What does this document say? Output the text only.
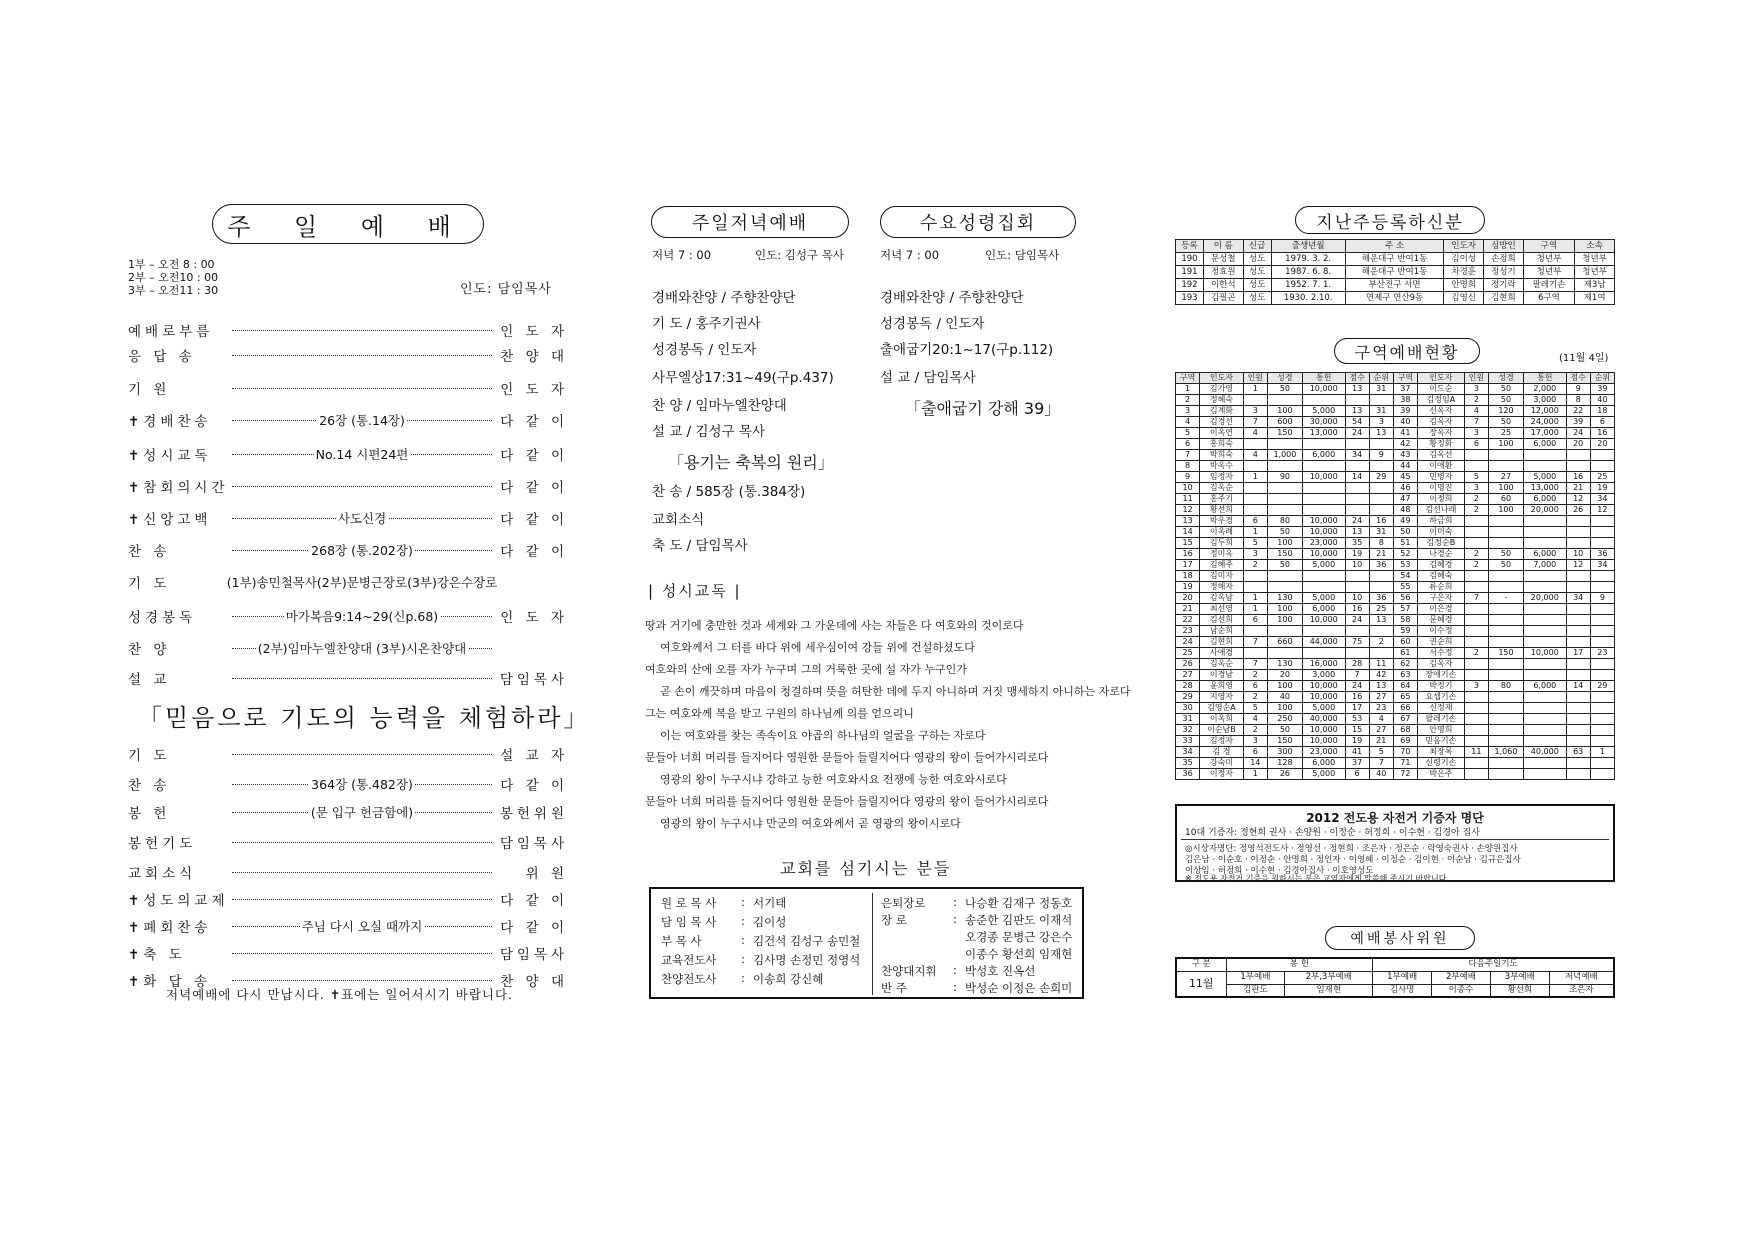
주 일 예 배
1부 – 오전 8 : 00
2부 – 오전10 : 00
3부 – 오전11 : 30	인도: 담임목사
예배로부름	인 도 자
응 답 송	찬 양 대
기 원	인 도 자
✝경배찬송	26장 (통.14장)	다 같 이
✝성시교독	No.14 시편24편	다 같 이
✝참회의시간	다 같 이
✝신앙고백	사도신경	다 같 이
찬 송	268장 (통.202장)	다 같 이
기 도	(1부)송민철목사(2부)문병근장로(3부)강은수장로
성경봉독	마가복음9:14~29(신p.68)	인 도 자
찬 양	(2부)임마누엘찬양대 (3부)시온찬양대
설 교	담임목사
「믿음으로 기도의 능력을 체험하라」
기 도	설 교 자
찬 송	364장 (통.482장)	다 같 이
봉 헌	(문 입구 헌금함에)	봉헌위원
봉헌기도	담임목사
교회소식	위 원
✝성도의교제	다 같 이
✝폐회찬송	주님 다시 오실 때까지	다 같 이
✝축 도	담임목사
✝화 답 송	찬 양 대
저녁예배에 다시 만납시다. ✝표에는 일어서시기 바랍니다.
주일저녁예배	수요성령집회
저녁 7 : 00	인도: 김성구 목사	저녁 7 : 00	인도: 담임목사
경배와찬양 / 주향찬양단
기 도 / 홍주기권사
성경봉독 / 인도자
사무엘상17:31~49(구p.437)
찬 양 / 임마누엘찬양대
설 교 / 김성구 목사
「용기는 축복의 원리」
찬 송 / 585장 (통.384장)
교회소식
축 도 / 담임목사
경배와찬양 / 주향찬양단
성경봉독 / 인도자
출애굽기20:1~17(구p.112)
설 교 / 담임목사
「출애굽기 강해 39」
| 성시교독 |
땅과 거기에 충만한 것과 세계와 그 가운데에 사는 자들은 다 여호와의 것이로다
여호와께서 그 터를 바다 위에 세우심이여 강들 위에 건설하셨도다
여호와의 산에 오를 자가 누구며 그의 거룩한 곳에 설 자가 누구인가
곧 손이 깨끗하며 마음이 청결하며 뜻을 허탄한 데에 두지 아니하며 거짓 맹세하지 아니하는 자로다
그는 여호와께 복을 받고 구원의 하나님께 의를 얻으리니
이는 여호와를 찾는 족속이요 야곱의 하나님의 얼굴을 구하는 자로다
문들아 너희 머리를 들지어다 영원한 문들아 들릴지어다 영광의 왕이 들어가시리로다
영광의 왕이 누구시냐 강하고 능한 여호와시요 전쟁에 능한 여호와시로다
문들아 너희 머리를 들지어다 영원한 문들아 들릴지어다 영광의 왕이 들어가시리로다
영광의 왕이 누구시냐 만군의 여호와께서 곧 영광의 왕이시로다
교회를 섬기시는 분들
원 로 목 사	: 서기태
담 임 목 사	: 김이성
부 목 사	: 김건석 김성구 송민철
교육전도사	: 김사명 손정민 정영석
찬양전도사	: 이송희 강신혜
은퇴장로	: 나승환 김재구 정동호
장 로	: 송준한 김판도 이재석
오경종 문병근 강은수
이종수 황선희 임재현
찬양대지휘	: 박성호 진옥선
반 주	: 박성순 이정은 손희미
지난주등록하신분
등록	이 름	신급	출생년월	주 소	인도자	심방인	구역	소속
190	문성철	성도	1979. 3. 2.	해운대구 반여1동	김이성	손정희	청년부	청년부
191	정효원	성도	1987. 6. 8.	해운대구 반여1동	차경훈	정성기	청년부	청년부
192	이한석	성도	1952. 7. 1.	부산진구 서면	안명희	정기락	팔레기손	제3남
193	김필곤	성도	1930. 2.10.	연제구 연산9동	김영신	김현희	6구역	제1여
구역예배현황	(11월 4일)
구역	인도자	인원	성경	통헌	점수	순위	구역	인도자	인원	성경	통헌	점수	순위
1	김가영	1	50	10,000	13	31	37	이드순	3	50	2,000	9	39
2	정혜숙						38	김정임A	2	50	3,000	8	40
3	김계화	3	100	5,000	13	31	39	신옥자	4	120	12,000	22	18
4	김경선	7	600	30,000	54	3	40	김옥자	7	50	24,000	39	6
5	이옥연	4	150	13,000	24	13	41	장옥자	3	25	17,000	24	16
6	홍희숙						42	황정화	6	100	6,000	20	20
7	박희숙	4	1,000	6,000	34	9	43	김옥선					
8	박옥수						44	이애환					
9	임정자	1	90	10,000	14	29	45	민병자	5	27	5,000	16	25
10	김옥순						46	이명진	3	100	13,000	21	19
11	홍주기						47	이정희	2	60	6,000	12	34
12	황선희						48	김선나래	2	100	20,000	26	12
13	박우경	6	80	10,000	24	16	49	하금희					
14	이옥례	1	50	10,000	13	31	50	이미숙					
15	김두희	5	100	23,000	35	8	51	김정순B					
16	정미옥	3	150	10,000	19	21	52	나경순	2	50	6,000	10	36
17	김혜주	2	50	5,000	10	36	53	김혜경	2	50	7,000	12	34
18	김미자						54	김혜숙					
19	정해자						55	류순희					
20	김옥남	1	130	5,000	10	36	56	구은자	7	-	20,000	34	9
21	최선영	1	100	6,000	16	25	57	이은경					
22	김선희	6	100	10,000	24	13	58	문혜경					
23	남순희						59	이수정					
24	김현희	7	660	44,000	75	2	60	권순희					
25	사애경						61	서수정	2	150	10,000	17	23
26	김옥순	7	130	16,000	28	11	62	김옥자					
27	이경남	2	20	3,000	7	42	63	장애기손					
28	윤희영	6	100	10,000	24	13	64	박정기	3	80	6,000	14	29
29	지영자	2	40	10,000	16	27	65	요셉기손					
30	김영순A	5	100	5,000	17	23	66	신정재					
31	이옥희	4	250	40,000	53	4	67	팔레기손					
32	이순남B	2	50	10,000	15	27	68	안명희					
33	김정자	3	150	10,000	19	21	69	믿음기손					
34	김 경	6	300	23,000	41	5	70	최장록	11	1,060	40,000	63	1
35	강숙미	14	128	6,000	37	7	71	신령기손					
36	이정자	1	26	5,000	6	40	72	박은주					
2012 전도용 자전거 기증자 명단
10대 기증자: 정현희 권사 · 손양원 · 이정순 · 허정희 · 이수현 · 김경아 집사
◎시상자명단: 정영석전도사 · 정영선 · 정현희 · 조은자 · 정은순 · 락영숙권사 · 손양원집사
김은남 · 이순호 · 이정순 · 안명희 · 정인자 · 이영혜 · 이정순 · 김이현 · 이순남 · 김규은집사
이상임 · 허정희 · 이수현 · 김경아집사 · 이호영성도
※ 전도용 자전거 기증을 원하시는 분은 교역자에게 말씀해 주시기 바랍니다.
예배봉사위원
구 분	봉 헌		다음주일기도			
11월	1부예배	2부,3부예배	1부예배	2부예배	3부예배	저녁예배
	김판도	임재현	김사명	이종수	황선희	조은자
